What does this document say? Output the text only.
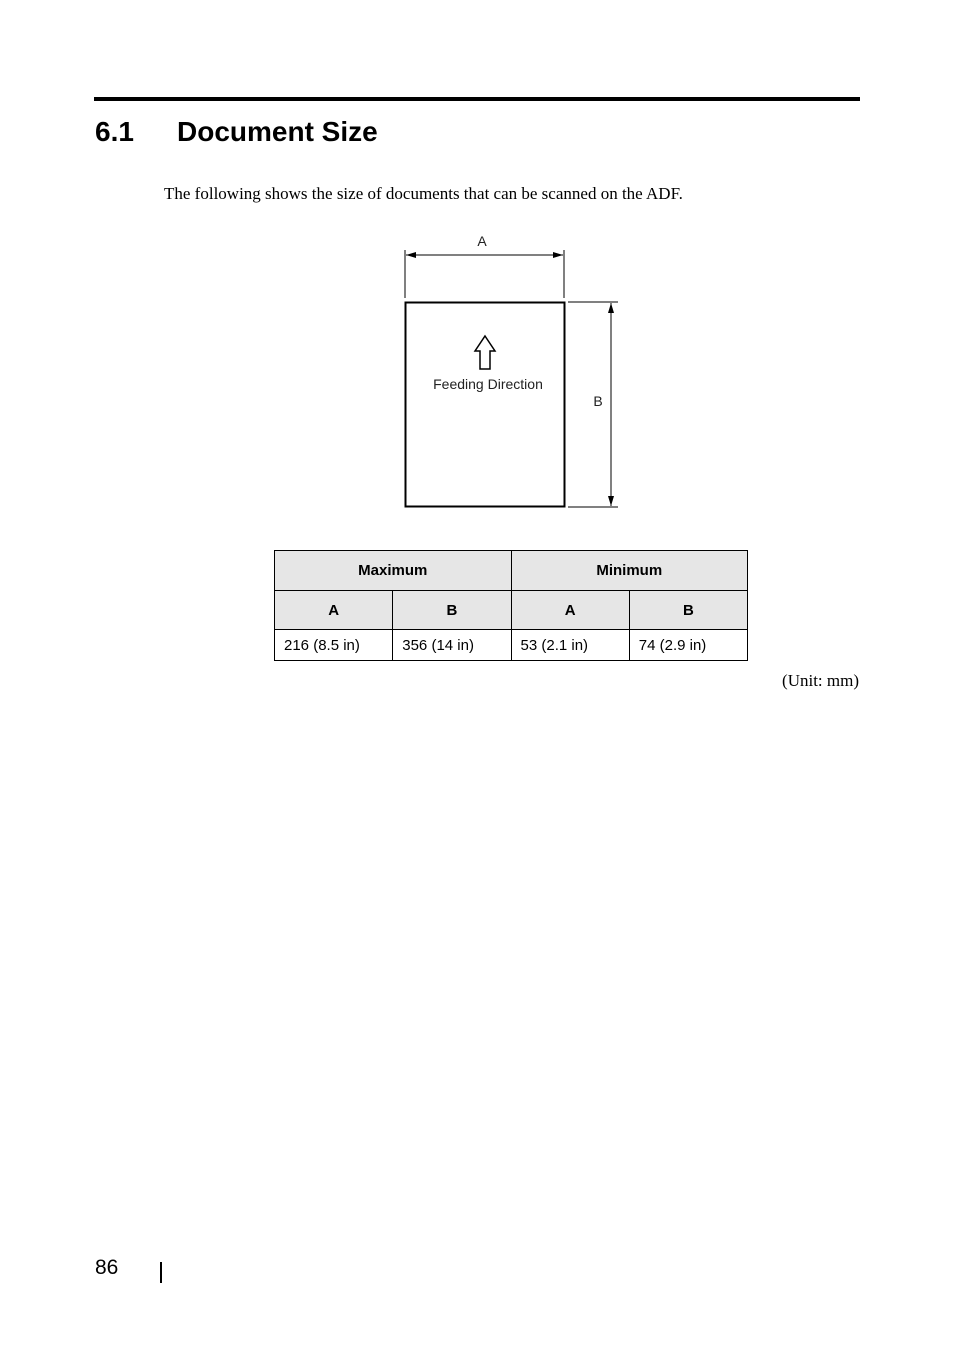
6.1 Document Size
The following shows the size of documents that can be scanned on the ADF.
A
Feeding Direction
B
Maximum		Minimum	
A	B	A	B
216 (8.5 in)	356 (14 in)	53 (2.1 in)	74 (2.9 in)
(Unit: mm)
86
